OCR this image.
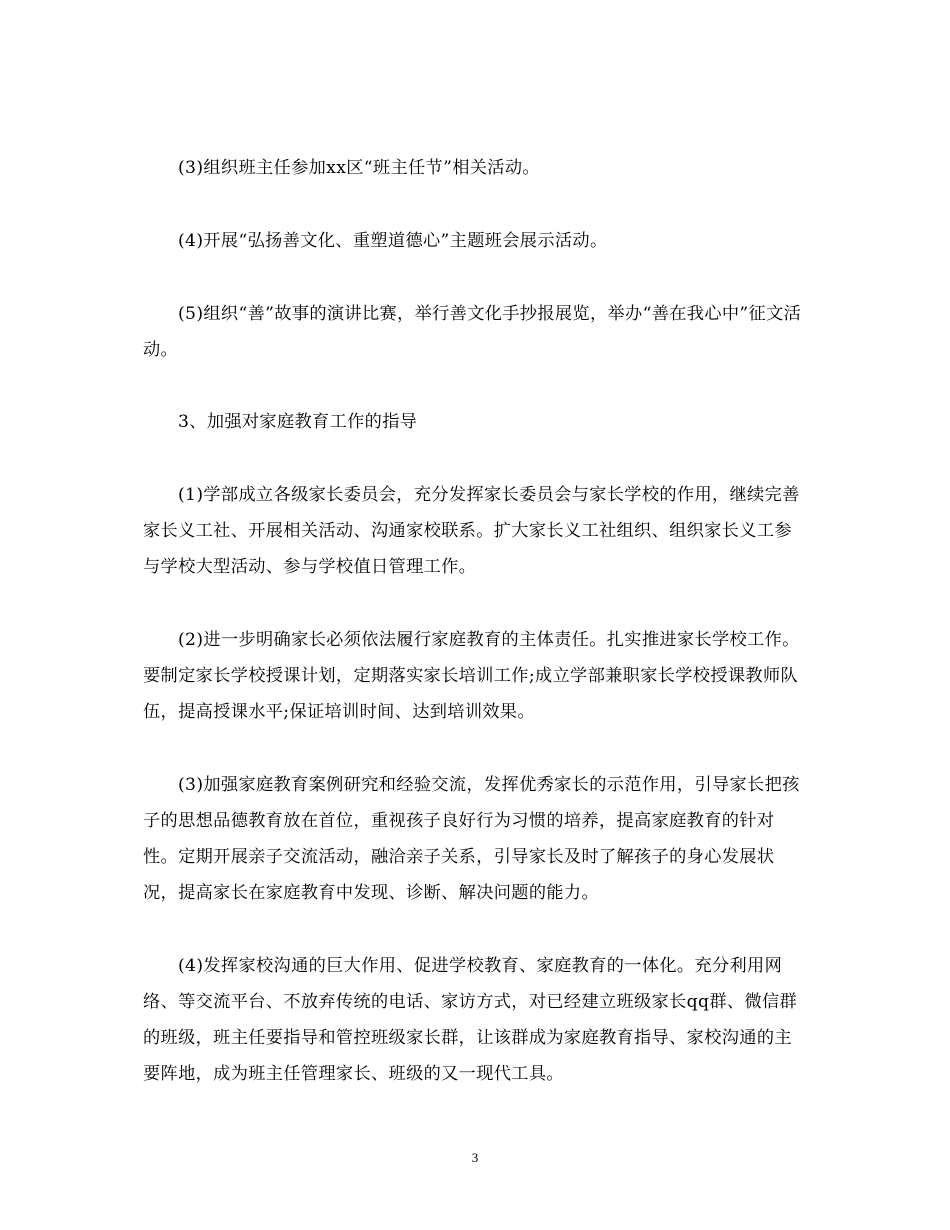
(3)组织班主任参加xx区“班主任节”相关活动。

(4)开展“弘扬善文化、重塑道德心”主题班会展示活动。

(5)组织“善”故事的演讲比赛，举行善文化手抄报展览，举办“善在我心中”征文活动。

3、加强对家庭教育工作的指导

(1)学部成立各级家长委员会，充分发挥家长委员会与家长学校的作用，继续完善家长义工社、开展相关活动、沟通家校联系。扩大家长义工社组织、组织家长义工参与学校大型活动、参与学校值日管理工作。

(2)进一步明确家长必须依法履行家庭教育的主体责任。扎实推进家长学校工作。要制定家长学校授课计划，定期落实家长培训工作;成立学部兼职家长学校授课教师队伍，提高授课水平;保证培训时间、达到培训效果。

(3)加强家庭教育案例研究和经验交流，发挥优秀家长的示范作用，引导家长把孩子的思想品德教育放在首位，重视孩子良好行为习惯的培养，提高家庭教育的针对性。定期开展亲子交流活动，融洽亲子关系，引导家长及时了解孩子的身心发展状况，提高家长在家庭教育中发现、诊断、解决问题的能力。

(4)发挥家校沟通的巨大作用、促进学校教育、家庭教育的一体化。充分利用网络、等交流平台、不放弃传统的电话、家访方式，对已经建立班级家长qq群、微信群的班级，班主任要指导和管控班级家长群，让该群成为家庭教育指导、家校沟通的主要阵地，成为班主任管理家长、班级的又一现代工具。

3
